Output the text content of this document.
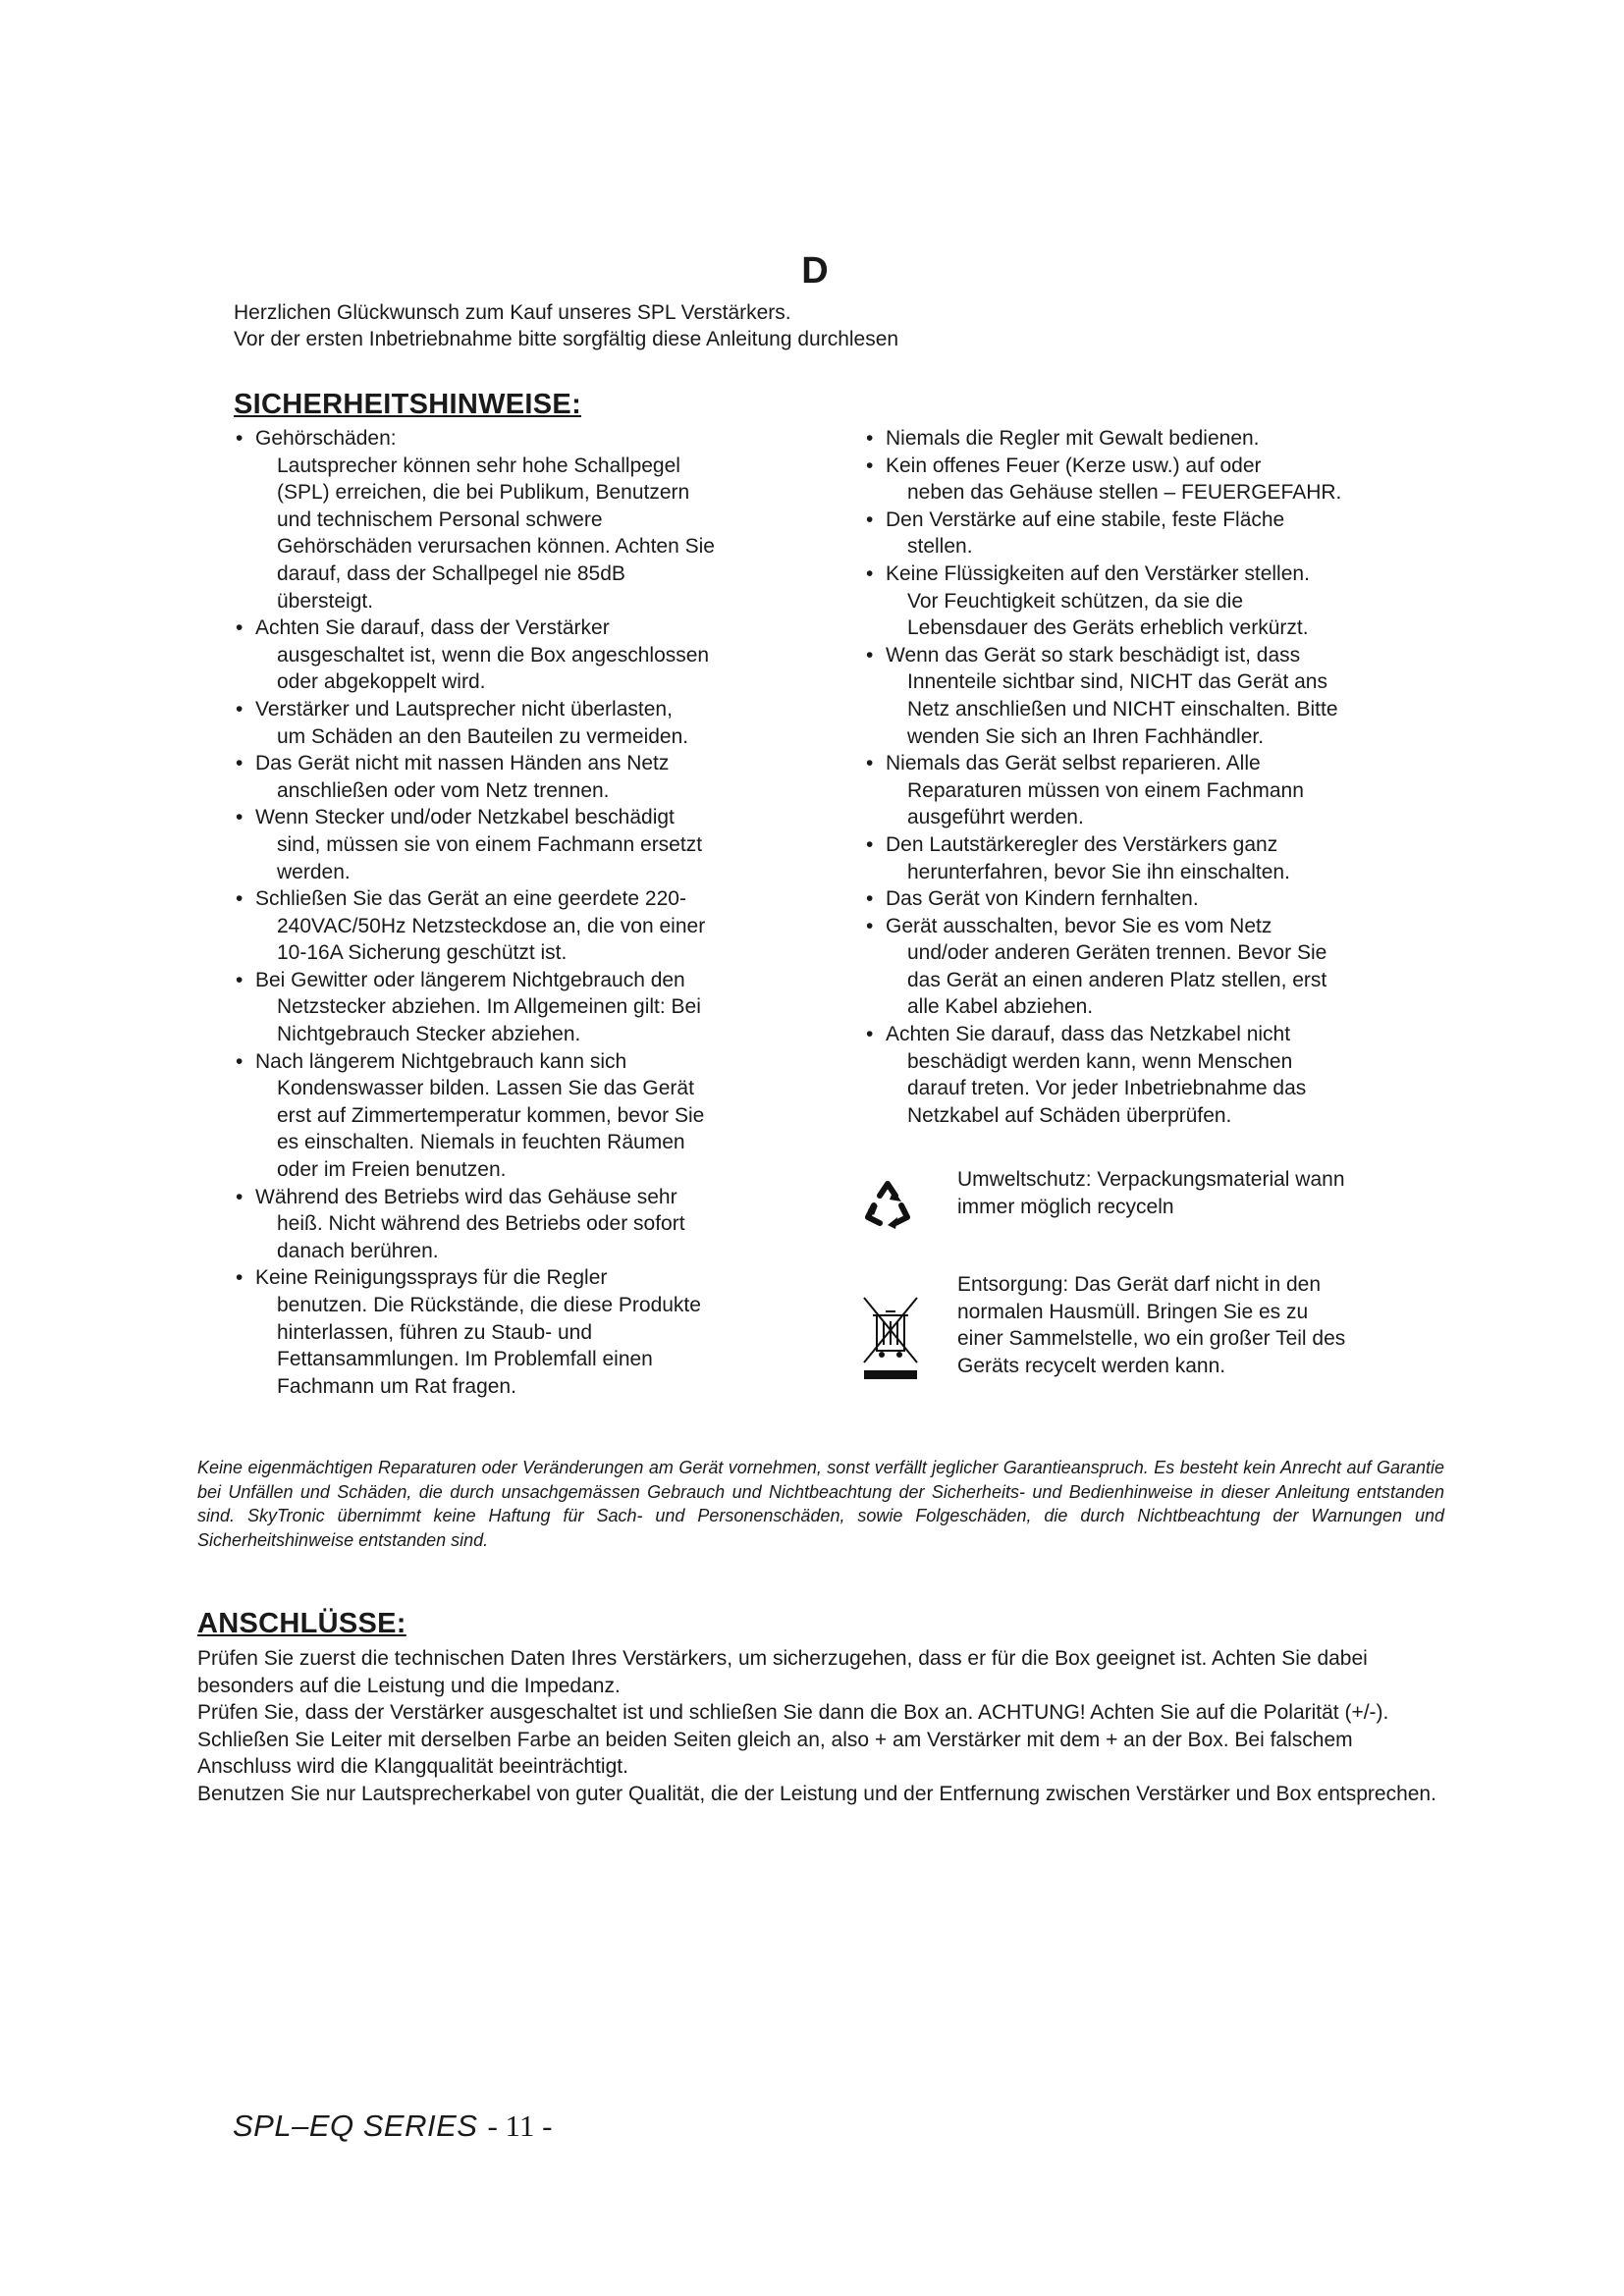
D
Herzlichen Glückwunsch zum Kauf unseres SPL Verstärkers.
Vor der ersten Inbetriebnahme bitte sorgfältig diese Anleitung durchlesen
SICHERHEITSHINWEISE:
• Gehörschäden:
Lautsprecher können sehr hohe Schallpegel
(SPL) erreichen, die bei Publikum, Benutzern
und technischem Personal schwere
Gehörschäden verursachen können. Achten Sie
darauf, dass der Schallpegel nie 85dB
übersteigt.
• Achten Sie darauf, dass der Verstärker
ausgeschaltet ist, wenn die Box angeschlossen
oder abgekoppelt wird.
• Verstärker und Lautsprecher nicht überlasten,
um Schäden an den Bauteilen zu vermeiden.
• Das Gerät nicht mit nassen Händen ans Netz
anschließen oder vom Netz trennen.
• Wenn Stecker und/oder Netzkabel beschädigt
sind, müssen sie von einem Fachmann ersetzt
werden.
• Schließen Sie das Gerät an eine geerdete 220-
240VAC/50Hz Netzsteckdose an, die von einer
10-16A Sicherung geschützt ist.
• Bei Gewitter oder längerem Nichtgebrauch den
Netzstecker abziehen. Im Allgemeinen gilt: Bei
Nichtgebrauch Stecker abziehen.
• Nach längerem Nichtgebrauch kann sich
Kondenswasser bilden. Lassen Sie das Gerät
erst auf Zimmertemperatur kommen, bevor Sie
es einschalten. Niemals in feuchten Räumen
oder im Freien benutzen.
• Während des Betriebs wird das Gehäuse sehr
heiß. Nicht während des Betriebs oder sofort
danach berühren.
• Keine Reinigungssprays für die Regler
benutzen. Die Rückstände, die diese Produkte
hinterlassen, führen zu Staub- und
Fettansammlungen. Im Problemfall einen
Fachmann um Rat fragen.
• Niemals die Regler mit Gewalt bedienen.
• Kein offenes Feuer (Kerze usw.) auf oder
neben das Gehäuse stellen – FEUERGEFAHR.
• Den Verstärke auf eine stabile, feste Fläche
stellen.
• Keine Flüssigkeiten auf den Verstärker stellen.
Vor Feuchtigkeit schützen, da sie die
Lebensdauer des Geräts erheblich verkürzt.
• Wenn das Gerät so stark beschädigt ist, dass
Innenteile sichtbar sind, NICHT das Gerät ans
Netz anschließen und NICHT einschalten. Bitte
wenden Sie sich an Ihren Fachhändler.
• Niemals das Gerät selbst reparieren. Alle
Reparaturen müssen von einem Fachmann
ausgeführt werden.
• Den Lautstärkeregler des Verstärkers ganz
herunterfahren, bevor Sie ihn einschalten.
• Das Gerät von Kindern fernhalten.
• Gerät ausschalten, bevor Sie es vom Netz
und/oder anderen Geräten trennen. Bevor Sie
das Gerät an einen anderen Platz stellen, erst
alle Kabel abziehen.
• Achten Sie darauf, dass das Netzkabel nicht
beschädigt werden kann, wenn Menschen
darauf treten. Vor jeder Inbetriebnahme das
Netzkabel auf Schäden überprüfen.
Umweltschutz: Verpackungsmaterial wann
immer möglich recyceln
Entsorgung: Das Gerät darf nicht in den
normalen Hausmüll. Bringen Sie es zu
einer Sammelstelle, wo ein großer Teil des
Geräts recycelt werden kann.
Keine eigenmächtigen Reparaturen oder Veränderungen am Gerät vornehmen, sonst verfällt jeglicher Garantieanspruch. Es besteht kein Anrecht auf Garantie bei Unfällen und Schäden, die durch unsachgemässen Gebrauch und Nichtbeachtung der Sicherheits- und Bedienhinweise in dieser Anleitung entstanden sind. SkyTronic übernimmt keine Haftung für Sach- und Personenschäden, sowie Folgeschäden, die durch Nichtbeachtung der Warnungen und Sicherheitshinweise entstanden sind.
ANSCHLÜSSE:

Prüfen Sie zuerst die technischen Daten Ihres Verstärkers, um sicherzugehen, dass er für die Box geeignet ist. Achten Sie dabei besonders auf die Leistung und die Impedanz.

Prüfen Sie, dass der Verstärker ausgeschaltet ist und schließen Sie dann die Box an. ACHTUNG! Achten Sie auf die Polarität (+/-). Schließen Sie Leiter mit derselben Farbe an beiden Seiten gleich an, also + am Verstärker mit dem + an der Box. Bei falschem Anschluss wird die Klangqualität beeinträchtigt.

Benutzen Sie nur Lautsprecherkabel von guter Qualität, die der Leistung und der Entfernung zwischen Verstärker und Box entsprechen.

SPL–EQ SERIES - 11 -
